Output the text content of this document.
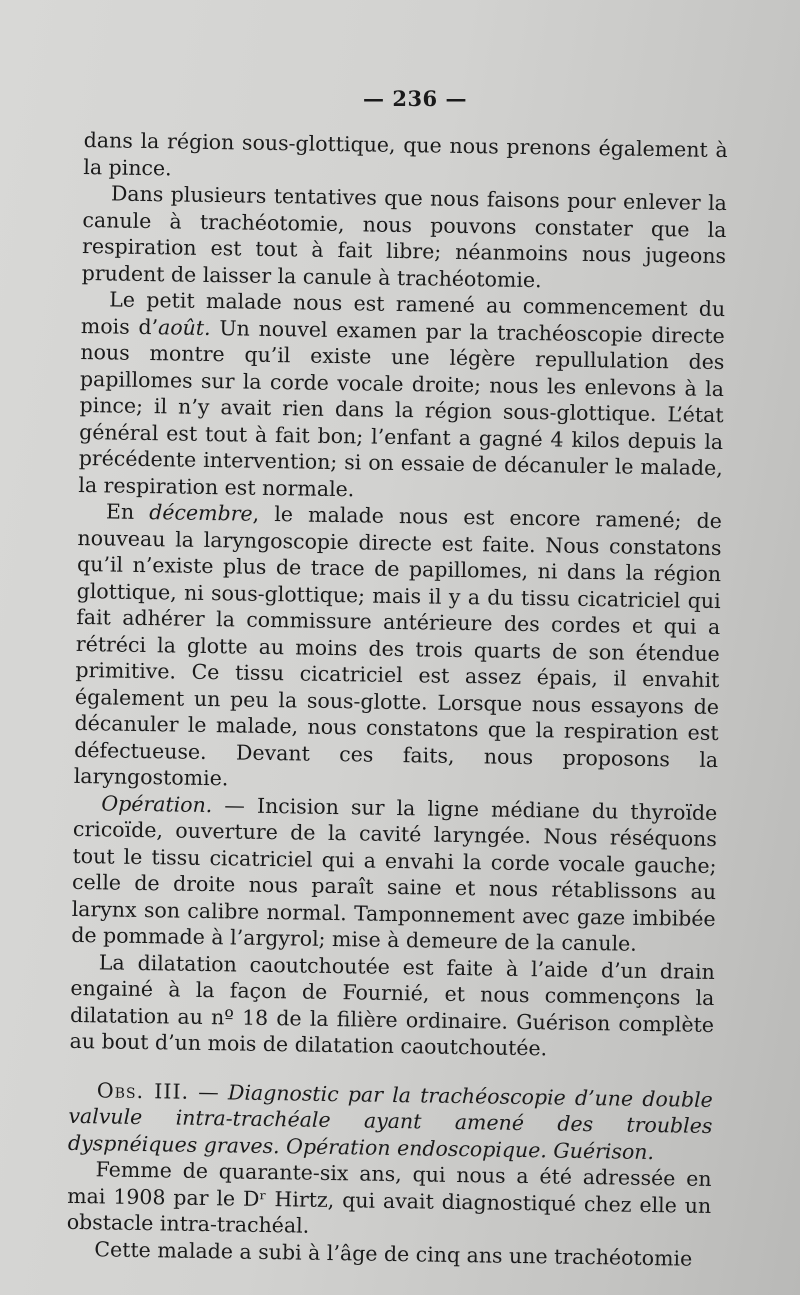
— 236 —

dans la région sous-glottique, que nous prenons également à la pince.

Dans plusieurs tentatives que nous faisons pour enlever la canule à trachéotomie, nous pouvons constater que la respiration est tout à fait libre; néanmoins nous jugeons prudent de laisser la canule à trachéotomie.

Le petit malade nous est ramené au commencement du mois d’août. Un nouvel examen par la trachéoscopie directe nous montre qu’il existe une légère repullulation des papillomes sur la corde vocale droite; nous les enlevons à la pince; il n’y avait rien dans la région sous-glottique. L’état général est tout à fait bon; l’enfant a gagné 4 kilos depuis la précédente intervention; si on essaie de décanuler le malade, la respiration est normale.

En décembre, le malade nous est encore ramené; de nouveau la laryngoscopie directe est faite. Nous constatons qu’il n’existe plus de trace de papillomes, ni dans la région glottique, ni sous-glottique; mais il y a du tissu cicatriciel qui fait adhérer la commissure antérieure des cordes et qui a rétréci la glotte au moins des trois quarts de son étendue primitive. Ce tissu cicatriciel est assez épais, il envahit également un peu la sous-glotte. Lorsque nous essayons de décanuler le malade, nous constatons que la respiration est défectueuse. Devant ces faits, nous proposons la laryngostomie.

Opération. — Incision sur la ligne médiane du thyroïde cricoïde, ouverture de la cavité laryngée. Nous réséquons tout le tissu cicatriciel qui a envahi la corde vocale gauche; celle de droite nous paraît saine et nous rétablissons au larynx son calibre normal. Tamponnement avec gaze imbibée de pommade à l’argyrol; mise à demeure de la canule.

La dilatation caoutchoutée est faite à l’aide d’un drain engainé à la façon de Fournié, et nous commençons la dilatation au nº 18 de la filière ordinaire. Guérison complète au bout d’un mois de dilatation caoutchoutée.

Obs. III. — Diagnostic par la trachéoscopie d’une double valvule intra-trachéale ayant amené des troubles dyspnéiques graves. Opération endoscopique. Guérison.

Femme de quarante-six ans, qui nous a été adressée en mai 1908 par le Dʳ Hirtz, qui avait diagnostiqué chez elle un obstacle intra-trachéal.

Cette malade a subi à l’âge de cinq ans une trachéotomie
